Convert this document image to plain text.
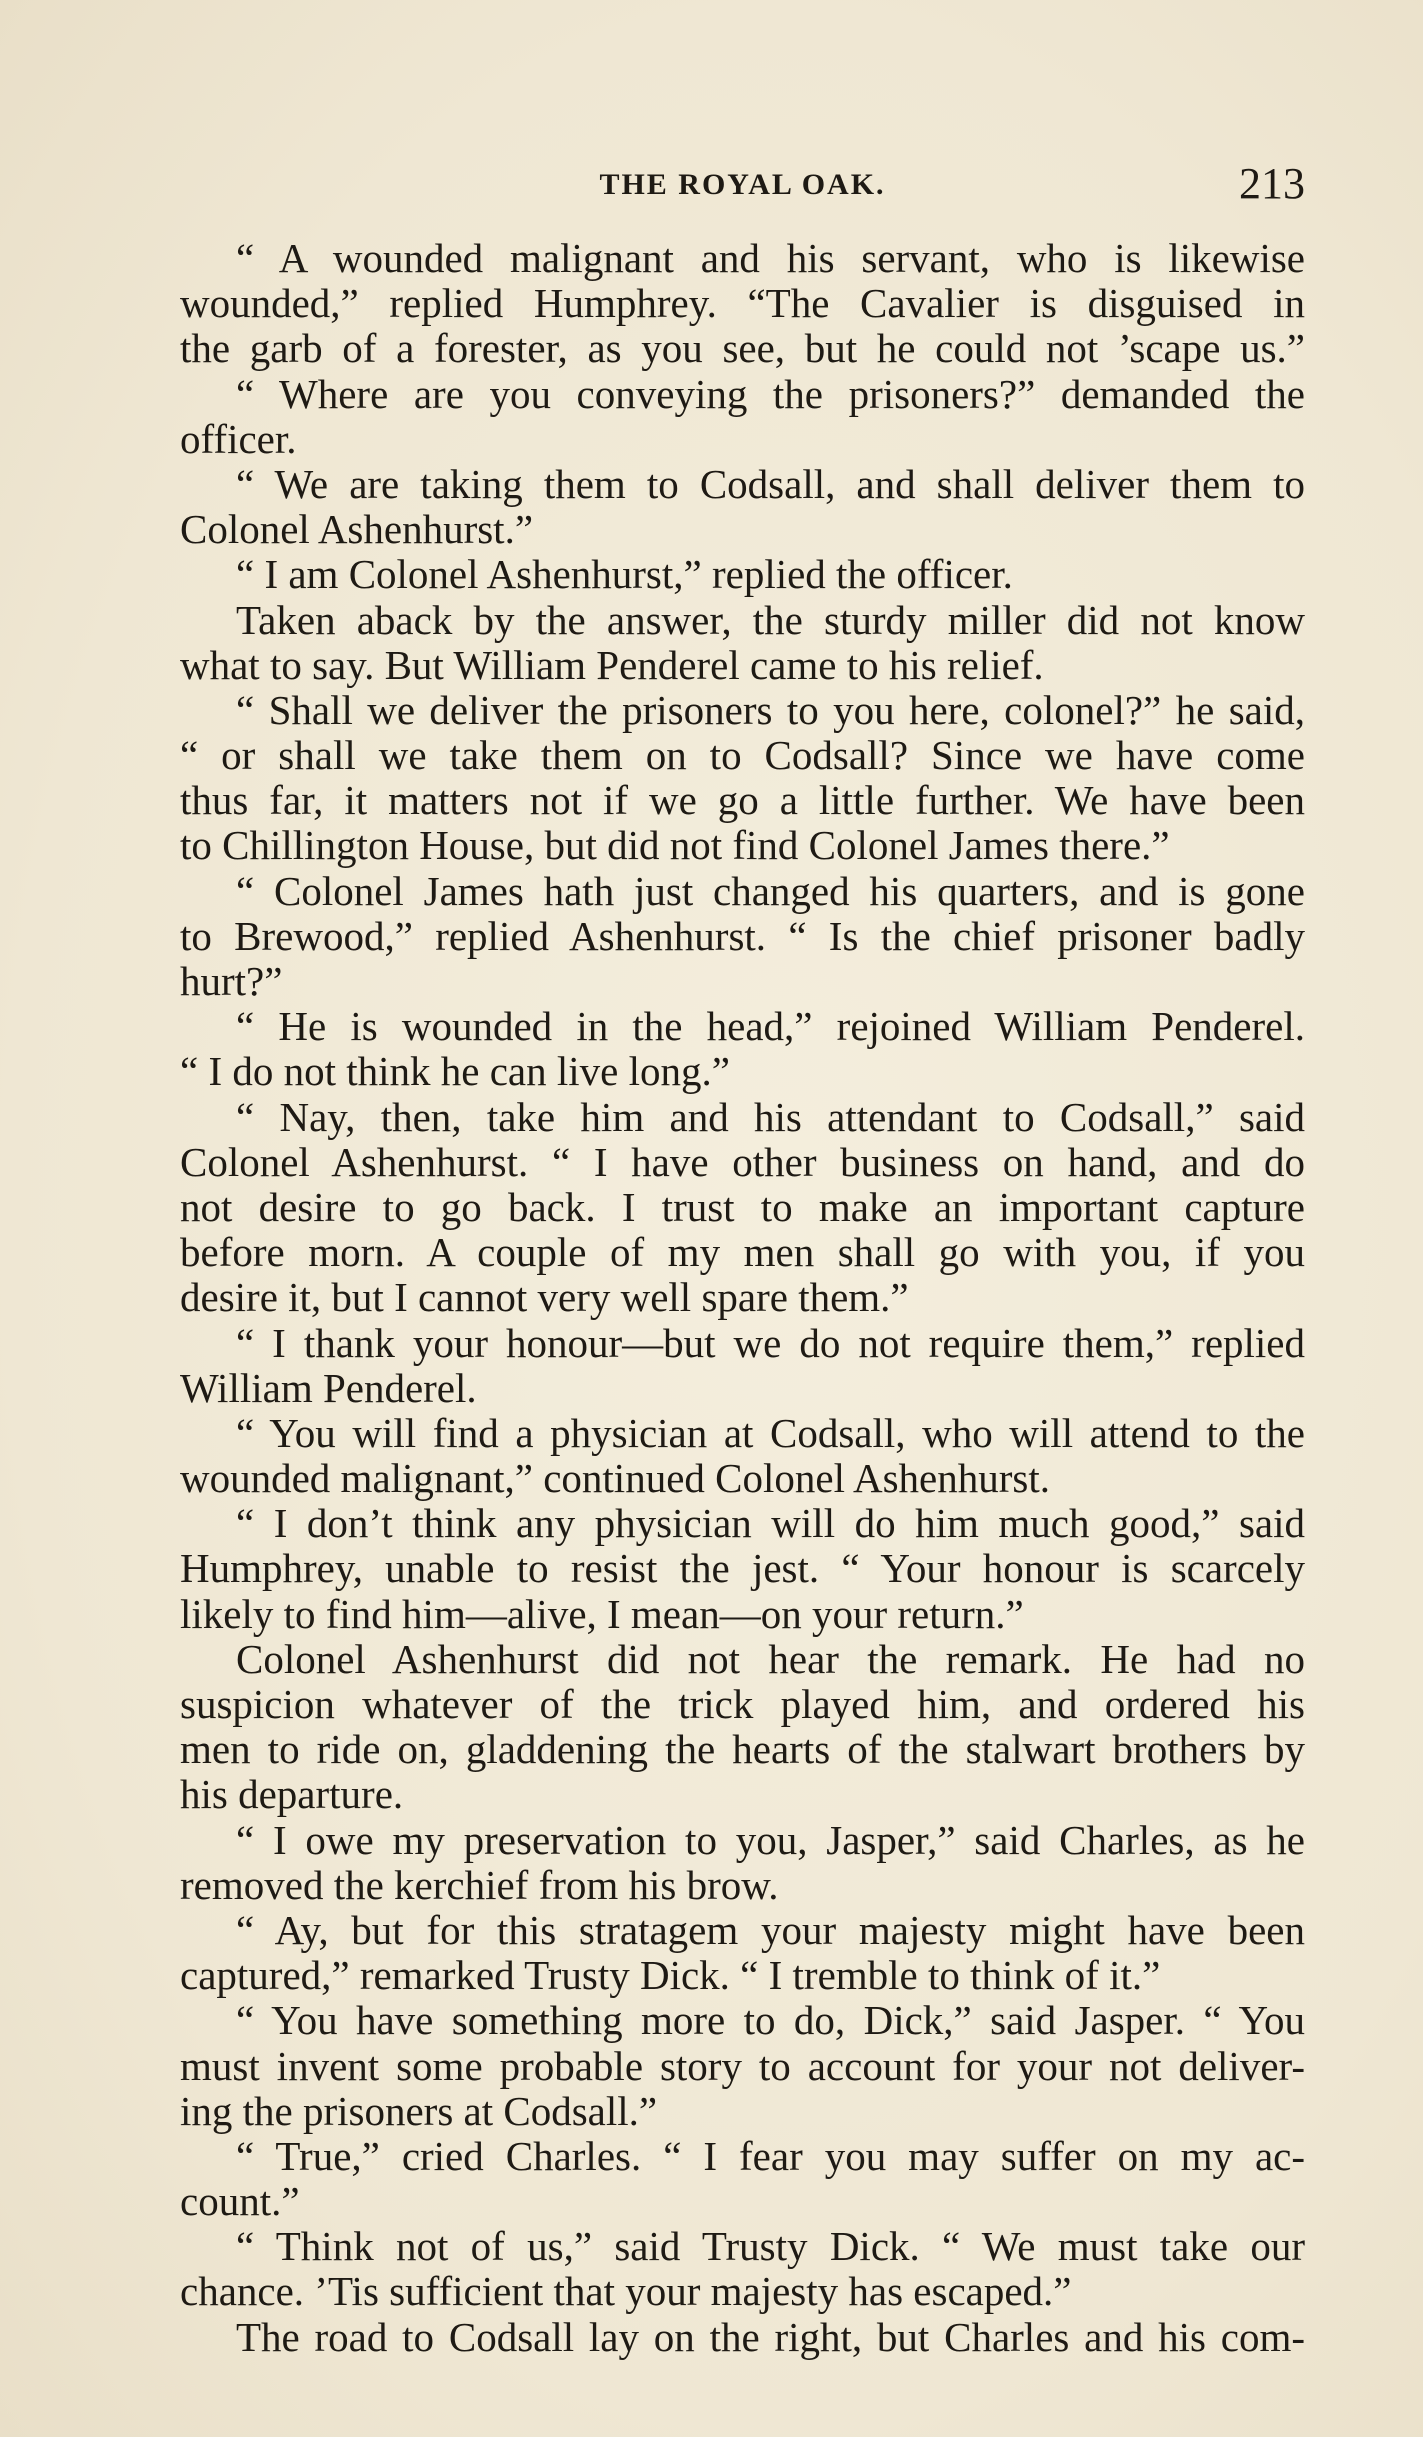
THE ROYAL OAK.	213
“ A wounded malignant and his servant, who is likewise
wounded,” replied Humphrey. “The Cavalier is disguised in
the garb of a forester, as you see, but he could not ’scape us.”
“ Where are you conveying the prisoners?” demanded the
officer.
“ We are taking them to Codsall, and shall deliver them to
Colonel Ashenhurst.”
“ I am Colonel Ashenhurst,” replied the officer.
Taken aback by the answer, the sturdy miller did not know
what to say. But William Penderel came to his relief.
“ Shall we deliver the prisoners to you here, colonel?” he said,
“ or shall we take them on to Codsall? Since we have come
thus far, it matters not if we go a little further. We have been
to Chillington House, but did not find Colonel James there.”
“ Colonel James hath just changed his quarters, and is gone
to Brewood,” replied Ashenhurst. “ Is the chief prisoner badly
hurt?”
“ He is wounded in the head,” rejoined William Penderel.
“ I do not think he can live long.”
“ Nay, then, take him and his attendant to Codsall,” said
Colonel Ashenhurst. “ I have other business on hand, and do
not desire to go back. I trust to make an important capture
before morn. A couple of my men shall go with you, if you
desire it, but I cannot very well spare them.”
“ I thank your honour—but we do not require them,” replied
William Penderel.
“ You will find a physician at Codsall, who will attend to the
wounded malignant,” continued Colonel Ashenhurst.
“ I don’t think any physician will do him much good,” said
Humphrey, unable to resist the jest. “ Your honour is scarcely
likely to find him—alive, I mean—on your return.”
Colonel Ashenhurst did not hear the remark. He had no
suspicion whatever of the trick played him, and ordered his
men to ride on, gladdening the hearts of the stalwart brothers by
his departure.
“ I owe my preservation to you, Jasper,” said Charles, as he
removed the kerchief from his brow.
“ Ay, but for this stratagem your majesty might have been
captured,” remarked Trusty Dick. “ I tremble to think of it.”
“ You have something more to do, Dick,” said Jasper. “ You
must invent some probable story to account for your not deliver-
ing the prisoners at Codsall.”
“ True,” cried Charles. “ I fear you may suffer on my ac-
count.”
“ Think not of us,” said Trusty Dick. “ We must take our
chance. ’Tis sufficient that your majesty has escaped.”
The road to Codsall lay on the right, but Charles and his com-
